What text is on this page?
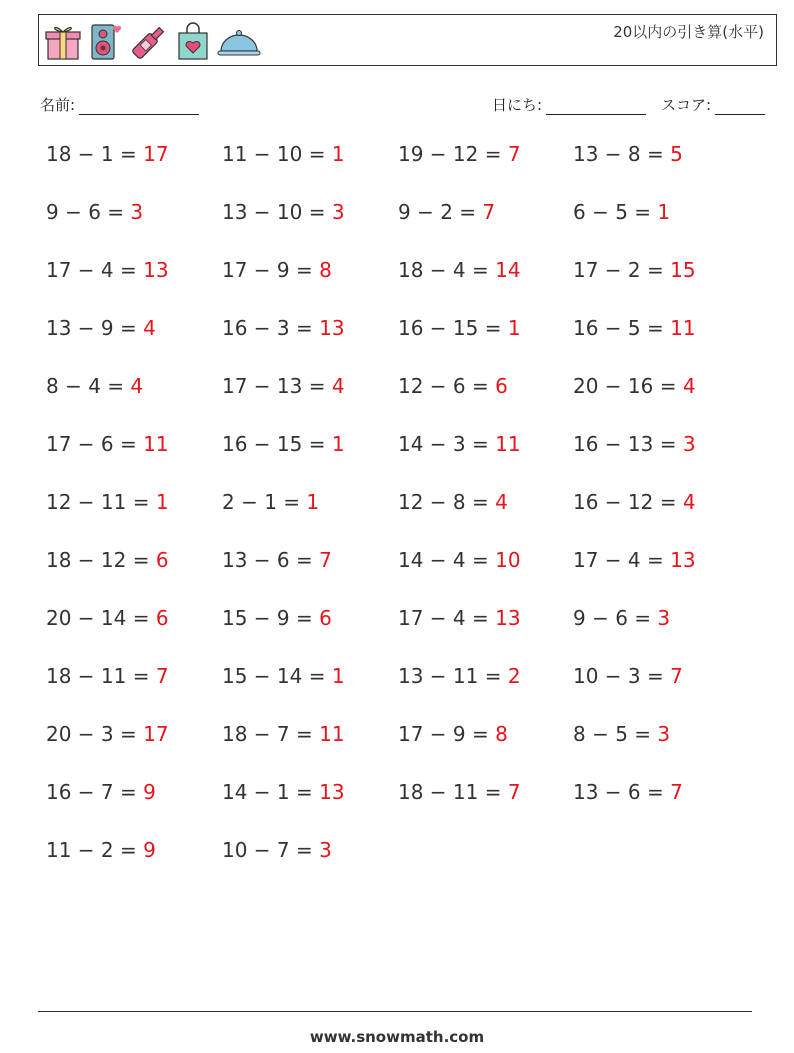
20以内の引き算(水平)
名前:	日にち:	スコア:
18 − 1 = 17	11 − 10 = 1	19 − 12 = 7	13 − 8 = 5
9 − 6 = 3	13 − 10 = 3	9 − 2 = 7	6 − 5 = 1
17 − 4 = 13	17 − 9 = 8	18 − 4 = 14	17 − 2 = 15
13 − 9 = 4	16 − 3 = 13	16 − 15 = 1	16 − 5 = 11
8 − 4 = 4	17 − 13 = 4	12 − 6 = 6	20 − 16 = 4
17 − 6 = 11	16 − 15 = 1	14 − 3 = 11	16 − 13 = 3
12 − 11 = 1	2 − 1 = 1	12 − 8 = 4	16 − 12 = 4
18 − 12 = 6	13 − 6 = 7	14 − 4 = 10	17 − 4 = 13
20 − 14 = 6	15 − 9 = 6	17 − 4 = 13	9 − 6 = 3
18 − 11 = 7	15 − 14 = 1	13 − 11 = 2	10 − 3 = 7
20 − 3 = 17	18 − 7 = 11	17 − 9 = 8	8 − 5 = 3
16 − 7 = 9	14 − 1 = 13	18 − 11 = 7	13 − 6 = 7
11 − 2 = 9	10 − 7 = 3
www.snowmath.com
